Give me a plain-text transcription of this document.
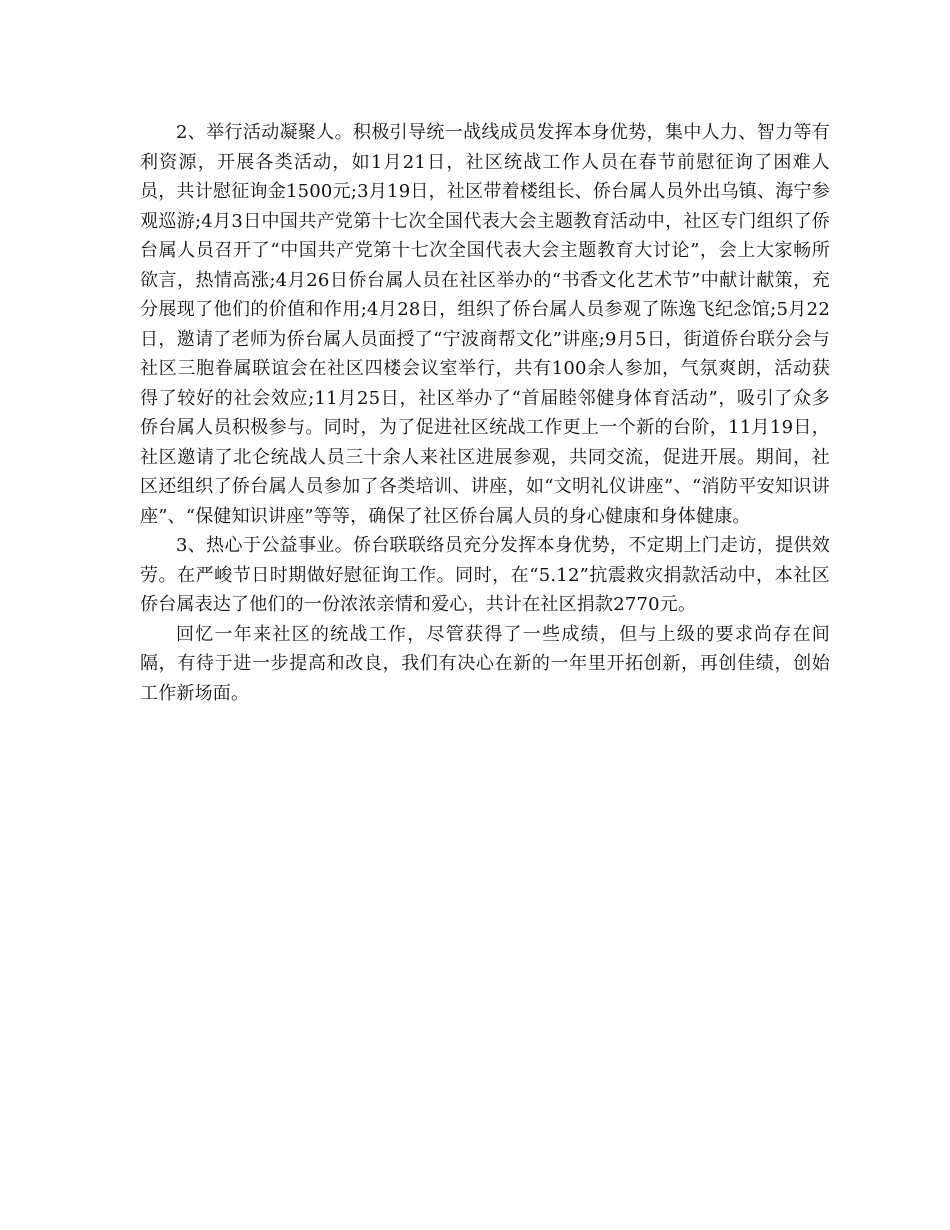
2、举行活动凝聚人。积极引导统一战线成员发挥本身优势，集中人力、智力等有利资源，开展各类活动，如1月21日，社区统战工作人员在春节前慰征询了困难人员，共计慰征询金1500元;3月19日，社区带着楼组长、侨台属人员外出乌镇、海宁参观巡游;4月3日中国共产党第十七次全国代表大会主题教育活动中，社区专门组织了侨台属人员召开了“中国共产党第十七次全国代表大会主题教育大讨论”，会上大家畅所欲言，热情高涨;4月26日侨台属人员在社区举办的“书香文化艺术节”中献计献策，充分展现了他们的价值和作用;4月28日，组织了侨台属人员参观了陈逸飞纪念馆;5月22日，邀请了老师为侨台属人员面授了“宁波商帮文化”讲座;9月5日，街道侨台联分会与社区三胞眷属联谊会在社区四楼会议室举行，共有100余人参加，气氛爽朗，活动获得了较好的社会效应;11月25日，社区举办了“首届睦邻健身体育活动”，吸引了众多侨台属人员积极参与。同时，为了促进社区统战工作更上一个新的台阶，11月19日，社区邀请了北仑统战人员三十余人来社区进展参观，共同交流，促进开展。期间，社区还组织了侨台属人员参加了各类培训、讲座，如“文明礼仪讲座”、“消防平安知识讲座”、“保健知识讲座”等等，确保了社区侨台属人员的身心健康和身体健康。

3、热心于公益事业。侨台联联络员充分发挥本身优势，不定期上门走访，提供效劳。在严峻节日时期做好慰征询工作。同时，在“5.12”抗震救灾捐款活动中，本社区侨台属表达了他们的一份浓浓亲情和爱心，共计在社区捐款2770元。

回忆一年来社区的统战工作，尽管获得了一些成绩，但与上级的要求尚存在间隔，有待于进一步提高和改良，我们有决心在新的一年里开拓创新，再创佳绩，创始工作新场面。
